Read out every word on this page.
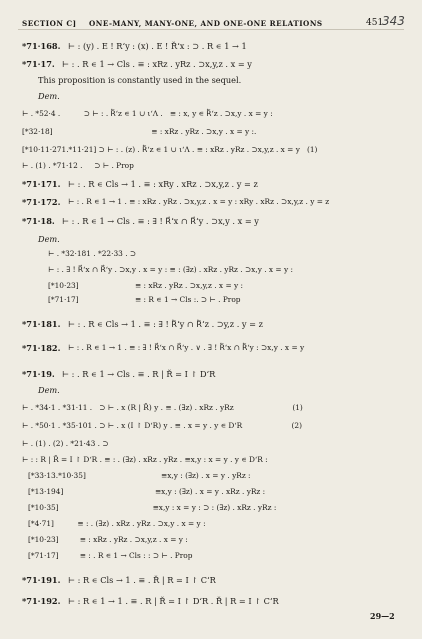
SECTION C] ONE-MANY, MANY-ONE, AND ONE-ONE RELATIONS	451
343
*71·168. ⊢ : (y) . E ! R‘y : (x) . E ! R̆‘x : ⊃ . R ∊ 1 → 1
*71·17. ⊢ : . R ∊ 1 → Cls . ≡ : xRz . yRz . ⊃x,y,z . x = y
This proposition is constantly used in the sequel.
Dem.
⊢ . *52·4 .          ⊃ ⊢ : . R⃖‘z ∊ 1 ∪ ι‘Λ .   ≡ : x, y ∊ R⃖‘z . ⊃x,y . x = y :
[*32·18]                                          ≡ : xRz . yRz . ⊃x,y . x = y :.
[*10·11·271.*11·21] ⊃ ⊢ : . (z) . R⃖‘z ∊ 1 ∪ ι‘Λ . ≡ : xRz . yRz . ⊃x,y,z . x = y   (1)
⊢ . (1) . *71·12 .     ⊃ ⊢ . Prop
*71·171. ⊢ : . R ∊ Cls → 1 . ≡ : xRy . xRz . ⊃x,y,z . y = z
*71·172. ⊢ : . R ∊ 1 → 1 . ≡ : xRz . yRz . ⊃x,y,z . x = y : xRy . xRz . ⊃x,y,z . y = z
*71·18. ⊢ : . R ∊ 1 → Cls . ≡ : ∃ ! R⃗‘x ∩ R⃗‘y . ⊃x,y . x = y
Dem.
⊢ . *32·181 . *22·33 . ⊃
⊢ : . ∃ ! R⃗‘x ∩ R⃗‘y . ⊃x,y . x = y : ≡ : (∃z) . xRz . yRz . ⊃x,y . x = y :
[*10·23]                        ≡ : xRz . yRz . ⊃x,y,z . x = y :
[*71·17]                        ≡ : R ∊ 1 → Cls :. ⊃ ⊢ . Prop
*71·181. ⊢ : . R ∊ Cls → 1 . ≡ : ∃ ! R⃖‘y ∩ R⃖‘z . ⊃y,z . y = z
*71·182. ⊢ : . R ∊ 1 → 1 . ≡ : ∃ ! R⃗‘x ∩ R⃗‘y . ∨ . ∃ ! R⃖‘x ∩ R⃖‘y : ⊃x,y . x = y
*71·19. ⊢ : . R ∊ 1 → Cls . ≡ . R | R̆ = I ↾ D‘R
Dem.
⊢ . *34·1 . *31·11 .   ⊃ ⊢ . x (R | R̆) y . ≡ . (∃z) . xRz . yRz                         (1)
⊢ . *50·1 . *35·101 . ⊃ ⊢ . x (I ↾ D‘R) y . ≡ . x = y . y ∊ D‘R                     (2)
⊢ . (1) . (2) . *21·43 . ⊃
⊢ : : R | R̆ = I ↾ D‘R . ≡ : . (∃z) . xRz . yRz . ≡x,y : x = y . y ∊ D‘R :
[*33·13.*10·35]                                ≡x,y : (∃z) . x = y . yRz :
[*13·194]                                       ≡x,y : (∃z) . x = y . xRz . yRz :
[*10·35]                                        ≡x,y : x = y : ⊃ : (∃z) . xRz . yRz :
[*4·71]          ≡ : . (∃z) . xRz . yRz . ⊃x,y . x = y :
[*10·23]         ≡ : xRz . yRz . ⊃x,y,z . x = y :
[*71·17]         ≡ : . R ∊ 1 → Cls : : ⊃ ⊢ . Prop
*71·191. ⊢ : R ∊ Cls → 1 . ≡ . R̆ | R = I ↾ C‘R
*71·192. ⊢ : R ∊ 1 → 1 . ≡ . R | R̆ = I ↾ D‘R . R̆ | R = I ↾ C‘R
29—2
